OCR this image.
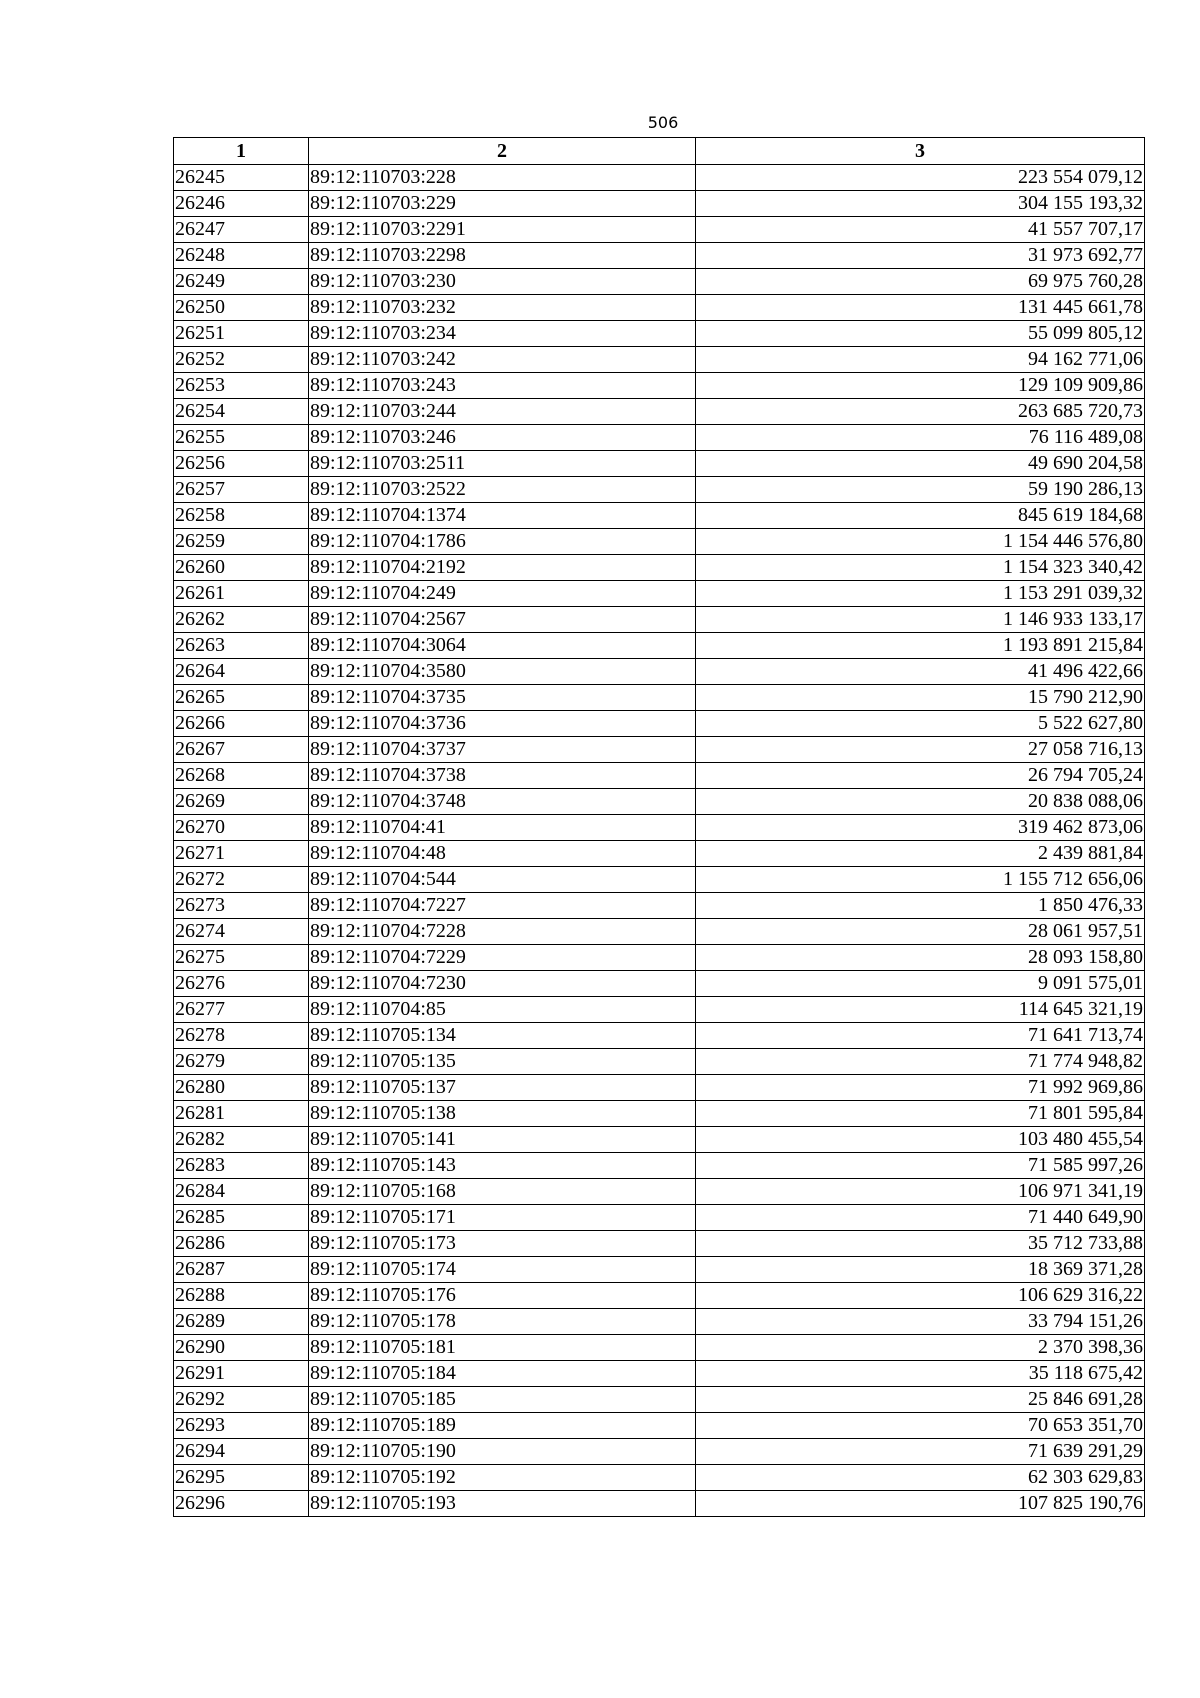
506
1	2	3
26245	89:12:110703:228	223 554 079,12
26246	89:12:110703:229	304 155 193,32
26247	89:12:110703:2291	41 557 707,17
26248	89:12:110703:2298	31 973 692,77
26249	89:12:110703:230	69 975 760,28
26250	89:12:110703:232	131 445 661,78
26251	89:12:110703:234	55 099 805,12
26252	89:12:110703:242	94 162 771,06
26253	89:12:110703:243	129 109 909,86
26254	89:12:110703:244	263 685 720,73
26255	89:12:110703:246	76 116 489,08
26256	89:12:110703:2511	49 690 204,58
26257	89:12:110703:2522	59 190 286,13
26258	89:12:110704:1374	845 619 184,68
26259	89:12:110704:1786	1 154 446 576,80
26260	89:12:110704:2192	1 154 323 340,42
26261	89:12:110704:249	1 153 291 039,32
26262	89:12:110704:2567	1 146 933 133,17
26263	89:12:110704:3064	1 193 891 215,84
26264	89:12:110704:3580	41 496 422,66
26265	89:12:110704:3735	15 790 212,90
26266	89:12:110704:3736	5 522 627,80
26267	89:12:110704:3737	27 058 716,13
26268	89:12:110704:3738	26 794 705,24
26269	89:12:110704:3748	20 838 088,06
26270	89:12:110704:41	319 462 873,06
26271	89:12:110704:48	2 439 881,84
26272	89:12:110704:544	1 155 712 656,06
26273	89:12:110704:7227	1 850 476,33
26274	89:12:110704:7228	28 061 957,51
26275	89:12:110704:7229	28 093 158,80
26276	89:12:110704:7230	9 091 575,01
26277	89:12:110704:85	114 645 321,19
26278	89:12:110705:134	71 641 713,74
26279	89:12:110705:135	71 774 948,82
26280	89:12:110705:137	71 992 969,86
26281	89:12:110705:138	71 801 595,84
26282	89:12:110705:141	103 480 455,54
26283	89:12:110705:143	71 585 997,26
26284	89:12:110705:168	106 971 341,19
26285	89:12:110705:171	71 440 649,90
26286	89:12:110705:173	35 712 733,88
26287	89:12:110705:174	18 369 371,28
26288	89:12:110705:176	106 629 316,22
26289	89:12:110705:178	33 794 151,26
26290	89:12:110705:181	2 370 398,36
26291	89:12:110705:184	35 118 675,42
26292	89:12:110705:185	25 846 691,28
26293	89:12:110705:189	70 653 351,70
26294	89:12:110705:190	71 639 291,29
26295	89:12:110705:192	62 303 629,83
26296	89:12:110705:193	107 825 190,76
